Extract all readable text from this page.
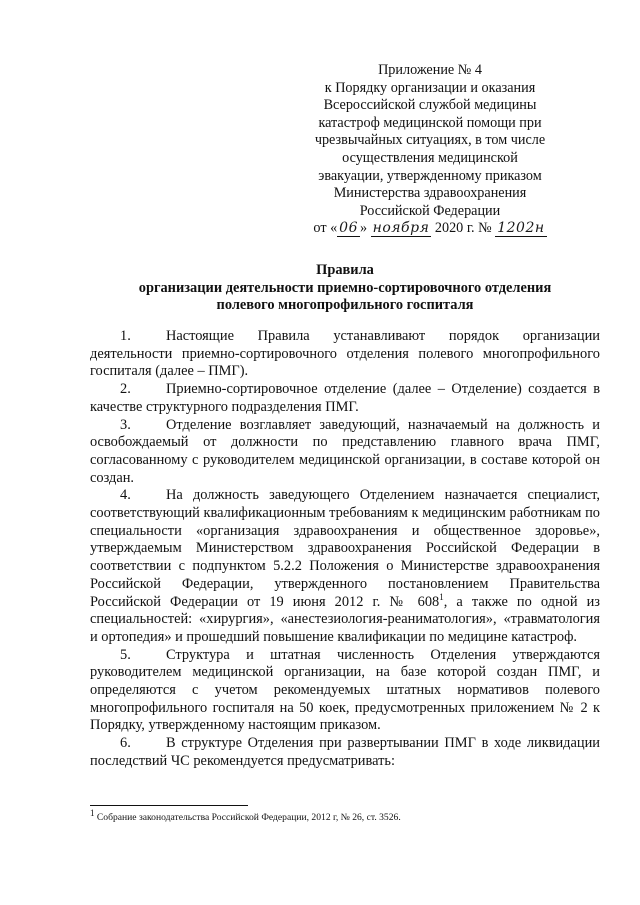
Приложение № 4
к Порядку организации и оказания
Всероссийской службой медицины
катастроф медицинской помощи при
чрезвычайных ситуациях, в том числе
осуществления медицинской
эвакуации, утвержденному приказом
Министерства здравоохранения
Российской Федерации
от « 06 » ноября 2020 г. № 1202н
Правила
организации деятельности приемно-сортировочного отделения
полевого многопрофильного госпиталя

1. Настоящие Правила устанавливают порядок организации деятельности приемно-сортировочного отделения полевого многопрофильного госпиталя (далее – ПМГ).

2. Приемно-сортировочное отделение (далее – Отделение) создается в качестве структурного подразделения ПМГ.

3. Отделение возглавляет заведующий, назначаемый на должность и освобождаемый от должности по представлению главного врача ПМГ, согласованному с руководителем медицинской организации, в составе которой он создан.

4. На должность заведующего Отделением назначается специалист, соответствующий квалификационным требованиям к медицинским работникам по специальности «организация здравоохранения и общественное здоровье», утверждаемым Министерством здравоохранения Российской Федерации в соответствии с подпунктом 5.2.2 Положения о Министерстве здравоохранения Российской Федерации, утвержденного постановлением Правительства Российской Федерации от 19 июня 2012 г. № $608^1$, а также по одной из специальностей: «хирургия», «анестезиология-реаниматология», «травматология и ортопедия» и прошедший повышение квалификации по медицине катастроф.

5. Структура и штатная численность Отделения утверждаются руководителем медицинской организации, на базе которой создан ПМГ, и определяются с учетом рекомендуемых штатных нормативов полевого многопрофильного госпиталя на 50 коек, предусмотренных приложением № 2 к Порядку, утвержденному настоящим приказом.

6. В структуре Отделения при развертывании ПМГ в ходе ликвидации последствий ЧС рекомендуется предусматривать:

$^1$ Собрание законодательства Российской Федерации, 2012 г, № 26, ст. 3526.
